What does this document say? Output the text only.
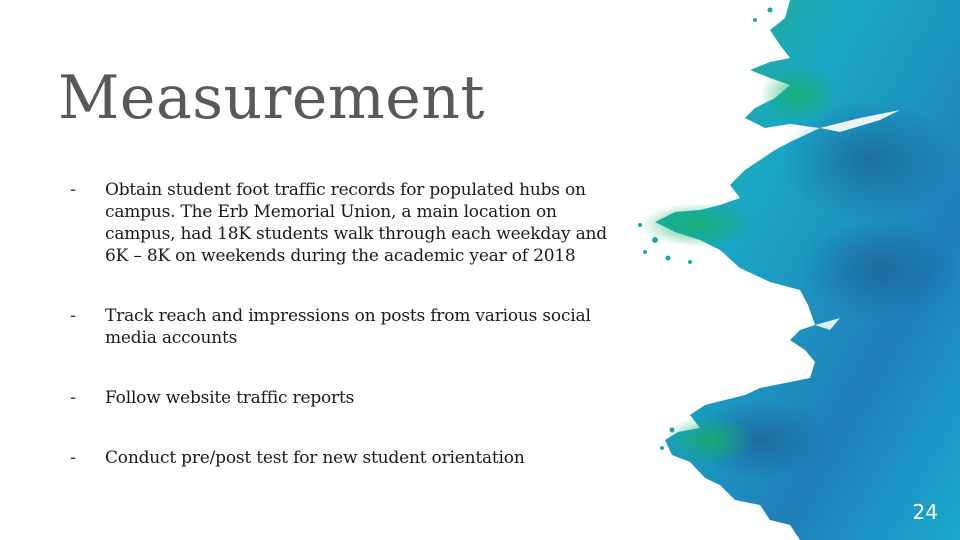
Measurement
-	Obtain student foot traffic records for populated hubs on campus. The Erb Memorial Union, a main location on campus, had 18K students walk through each weekday and 6K – 8K on weekends during the academic year of 2018
-	Track reach and impressions on posts from various social media accounts
-	Follow website traffic reports
-	Conduct pre/post test for new student orientation
24
